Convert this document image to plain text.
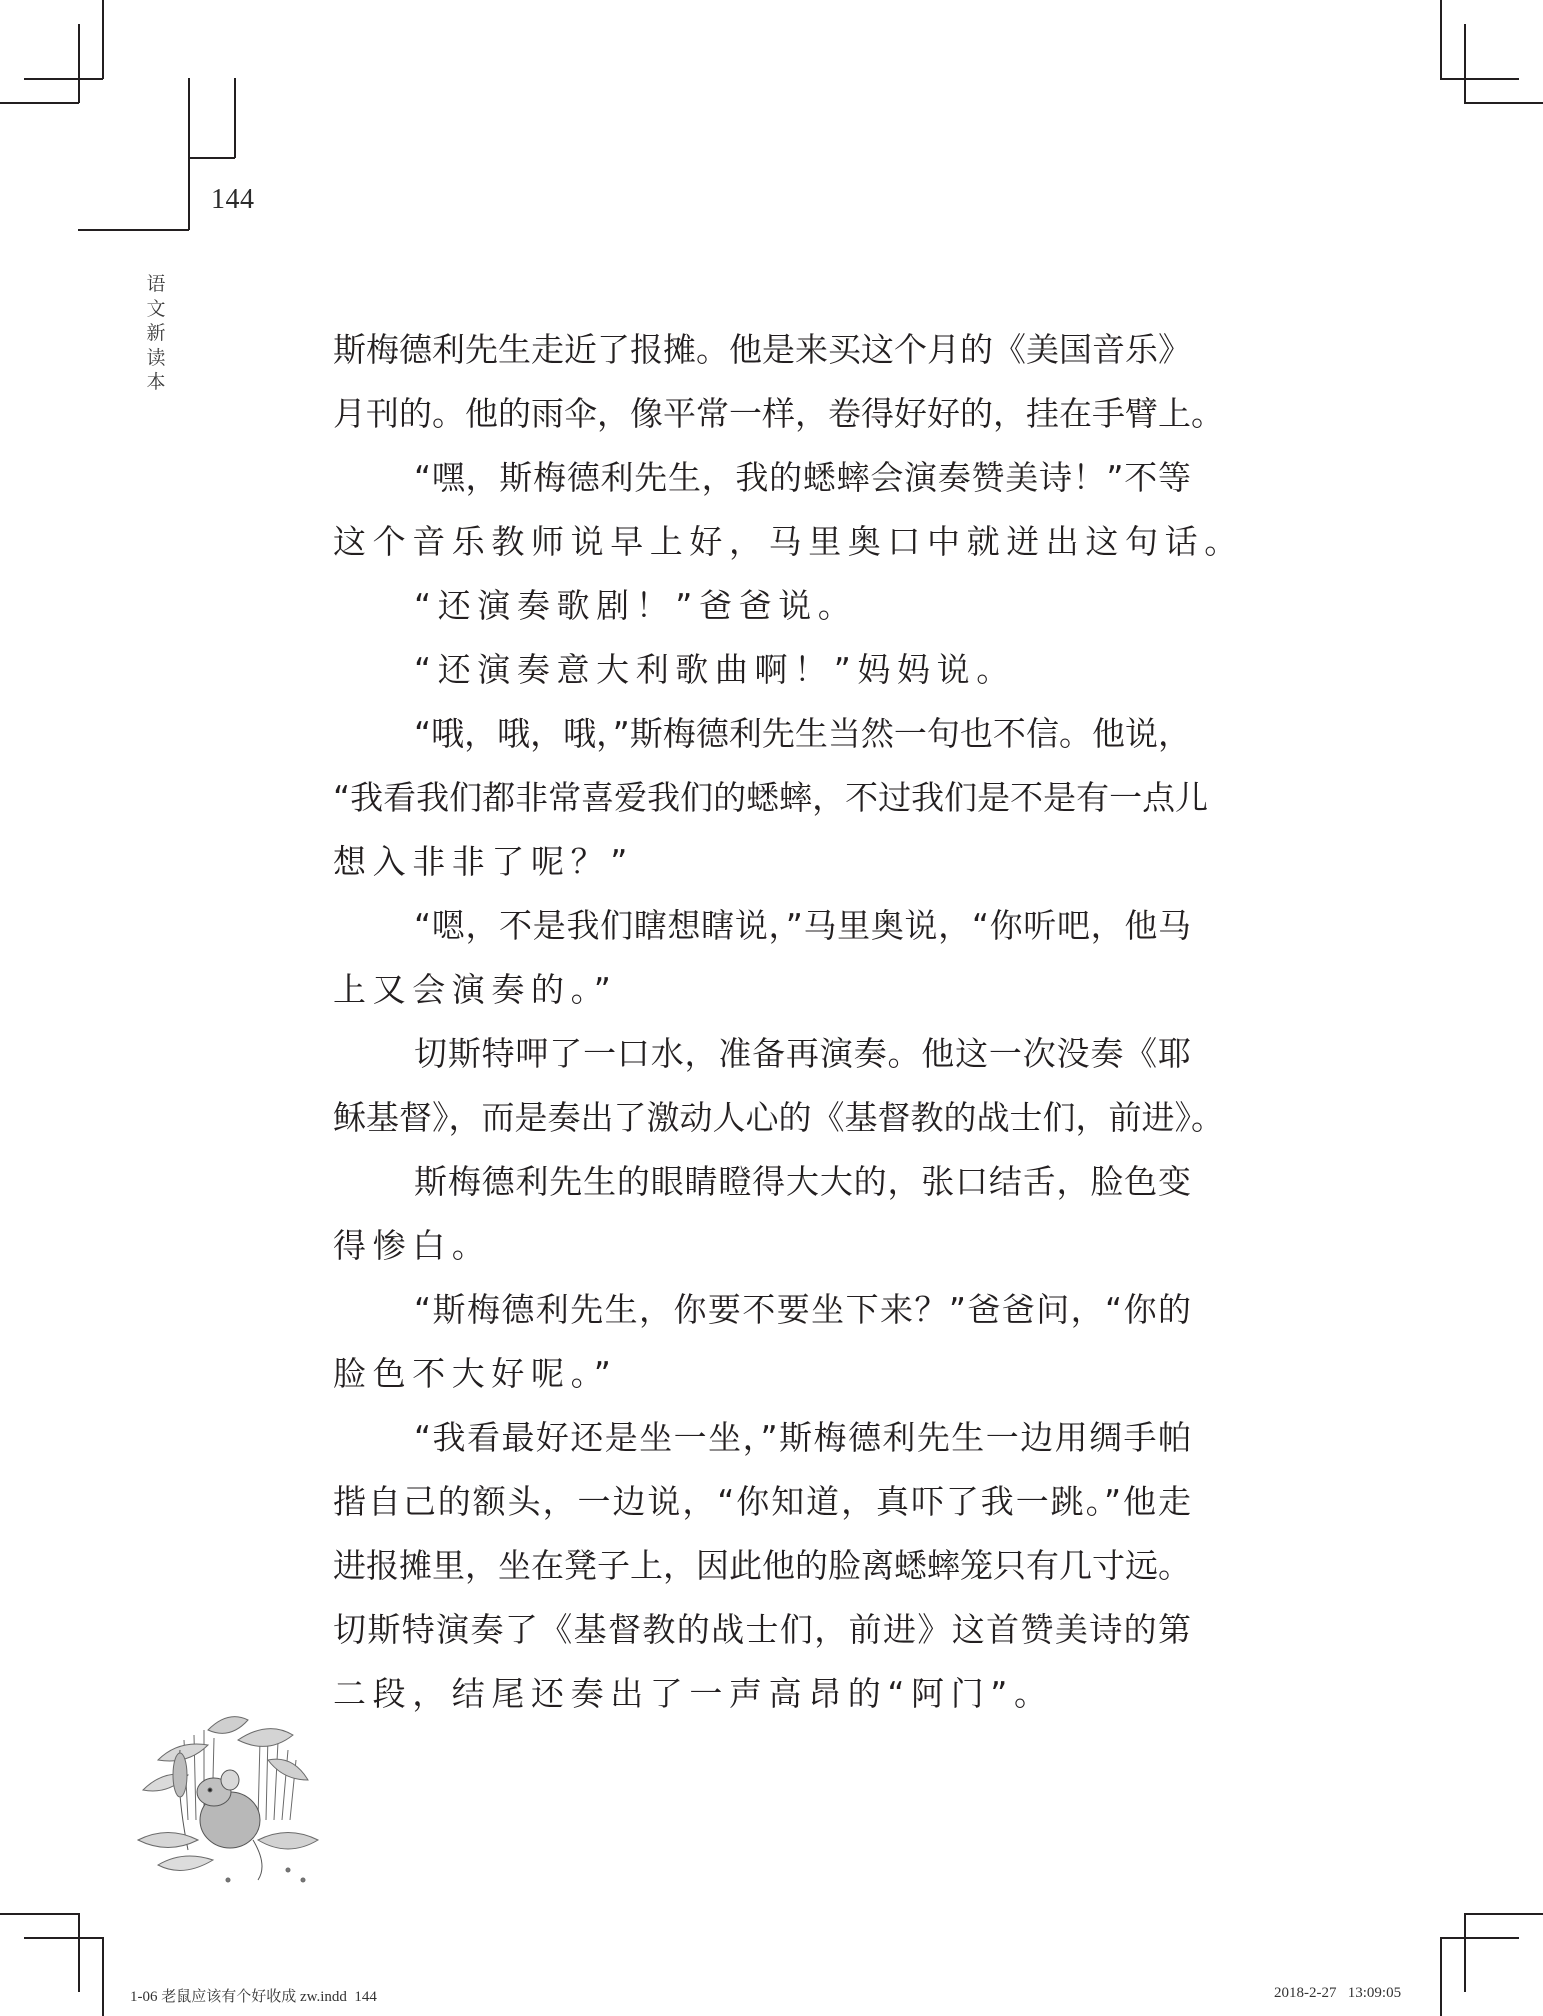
144
语文新读本
斯梅德利先生走近了报摊。他是来买这个月的《美国音乐》
月刊的。他的雨伞，像平常一样，卷得好好的，挂在手臂上。
“嘿，斯梅德利先生，我的蟋蟀会演奏赞美诗！”不等
这个音乐教师说早上好，马里奥口中就迸出这句话。
“还演奏歌剧！”爸爸说。
“还演奏意大利歌曲啊！”妈妈说。
“哦，哦，哦，”斯梅德利先生当然一句也不信。他说，
“我看我们都非常喜爱我们的蟋蟀，不过我们是不是有一点儿
想入非非了呢？”
“嗯，不是我们瞎想瞎说，”马里奥说，“你听吧，他马
上又会演奏的。”
切斯特呷了一口水，准备再演奏。他这一次没奏《耶
稣基督》，而是奏出了激动人心的《基督教的战士们，前进》。
斯梅德利先生的眼睛瞪得大大的，张口结舌，脸色变
得惨白。
“斯梅德利先生，你要不要坐下来？”爸爸问，“你的
脸色不大好呢。”
“我看最好还是坐一坐，”斯梅德利先生一边用绸手帕
揩自己的额头，一边说，“你知道，真吓了我一跳。”他走
进报摊里，坐在凳子上，因此他的脸离蟋蟀笼只有几寸远。
切斯特演奏了《基督教的战士们，前进》这首赞美诗的第
二段，结尾还奏出了一声高昂的“阿门”。
1-06 老鼠应该有个好收成 zw.indd  144	2018-2-27   13:09:05
